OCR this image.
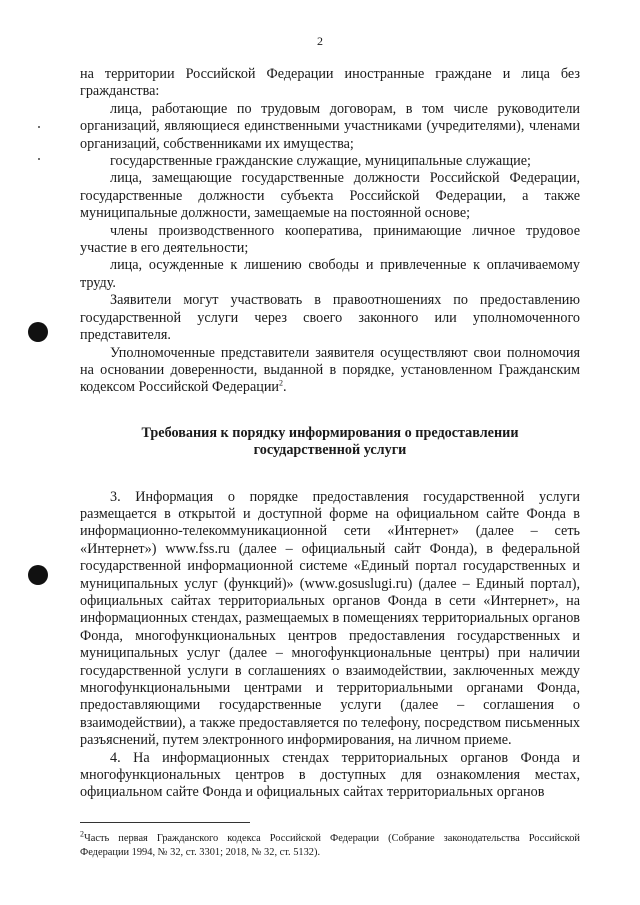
2

на территории Российской Федерации иностранные граждане и лица без гражданства:

лица, работающие по трудовым договорам, в том числе руководители организаций, являющиеся единственными участниками (учредителями), членами организаций, собственниками их имущества;

государственные гражданские служащие, муниципальные служащие;

лица, замещающие государственные должности Российской Федерации, государственные должности субъекта Российской Федерации, а также муниципальные должности, замещаемые на постоянной основе;

члены производственного кооператива, принимающие личное трудовое участие в его деятельности;

лица, осужденные к лишению свободы и привлеченные к оплачиваемому труду.

Заявители могут участвовать в правоотношениях по предоставлению государственной услуги через своего законного или уполномоченного представителя.

Уполномоченные представители заявителя осуществляют свои полномочия на основании доверенности, выданной в порядке, установленном Гражданским кодексом Российской Федерации$^2$.

Требования к порядку информирования о предоставлении
государственной услуги

3. Информация о порядке предоставления государственной услуги размещается в открытой и доступной форме на официальном сайте Фонда в информационно-телекоммуникационной сети «Интернет» (далее – сеть «Интернет») www.fss.ru (далее – официальный сайт Фонда), в федеральной государственной информационной системе «Единый портал государственных и муниципальных услуг (функций)» (www.gosuslugi.ru) (далее – Единый портал), официальных сайтах территориальных органов Фонда в сети «Интернет», на информационных стендах, размещаемых в помещениях территориальных органов Фонда, многофункциональных центров предоставления государственных и муниципальных услуг (далее – многофункциональные центры) при наличии государственной услуги в соглашениях о взаимодействии, заключенных между многофункциональными центрами и территориальными органами Фонда, предоставляющими государственные услуги (далее – соглашения о взаимодействии), а также предоставляется по телефону, посредством письменных разъяснений, путем электронного информирования, на личном приеме.

4. На информационных стендах территориальных органов Фонда и многофункциональных центров в доступных для ознакомления местах, официальном сайте Фонда и официальных сайтах территориальных органов

$^2$Часть первая Гражданского кодекса Российской Федерации (Собрание законодательства Российской Федерации 1994, № 32, ст. 3301; 2018, № 32, ст. 5132).
